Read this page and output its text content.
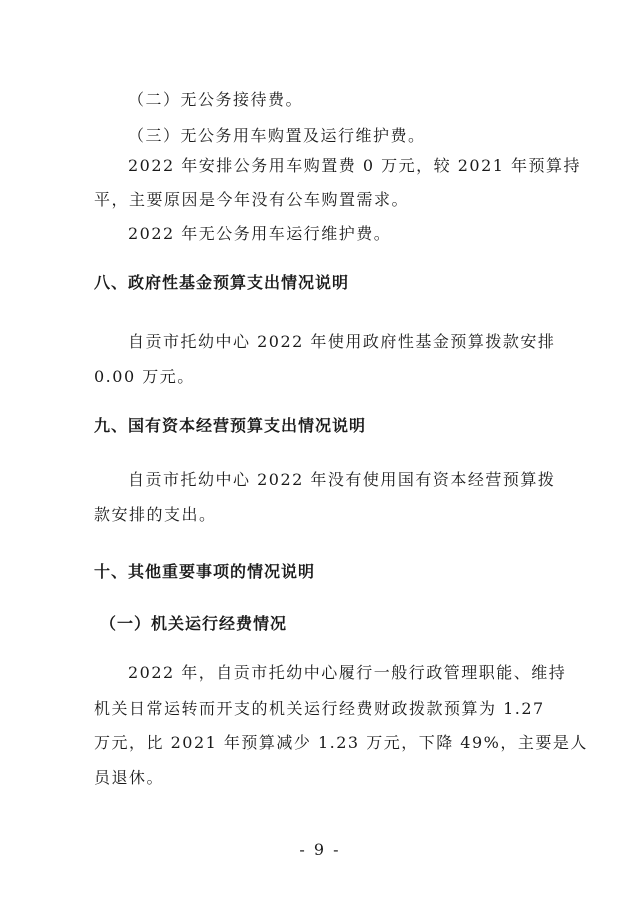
（二）无公务接待费。
（三）无公务用车购置及运行维护费。
2022 年安排公务用车购置费 0 万元，较 2021 年预算持
平，主要原因是今年没有公车购置需求。
2022 年无公务用车运行维护费。
八、政府性基金预算支出情况说明
自贡市托幼中心 2022 年使用政府性基金预算拨款安排
0.00 万元。
九、国有资本经营预算支出情况说明
自贡市托幼中心 2022 年没有使用国有资本经营预算拨
款安排的支出。
十、其他重要事项的情况说明
（一）机关运行经费情况
2022 年，自贡市托幼中心履行一般行政管理职能、维持
机关日常运转而开支的机关运行经费财政拨款预算为 1.27
万元，比 2021 年预算减少 1.23 万元，下降 49%，主要是人
员退休。
- 9 -
